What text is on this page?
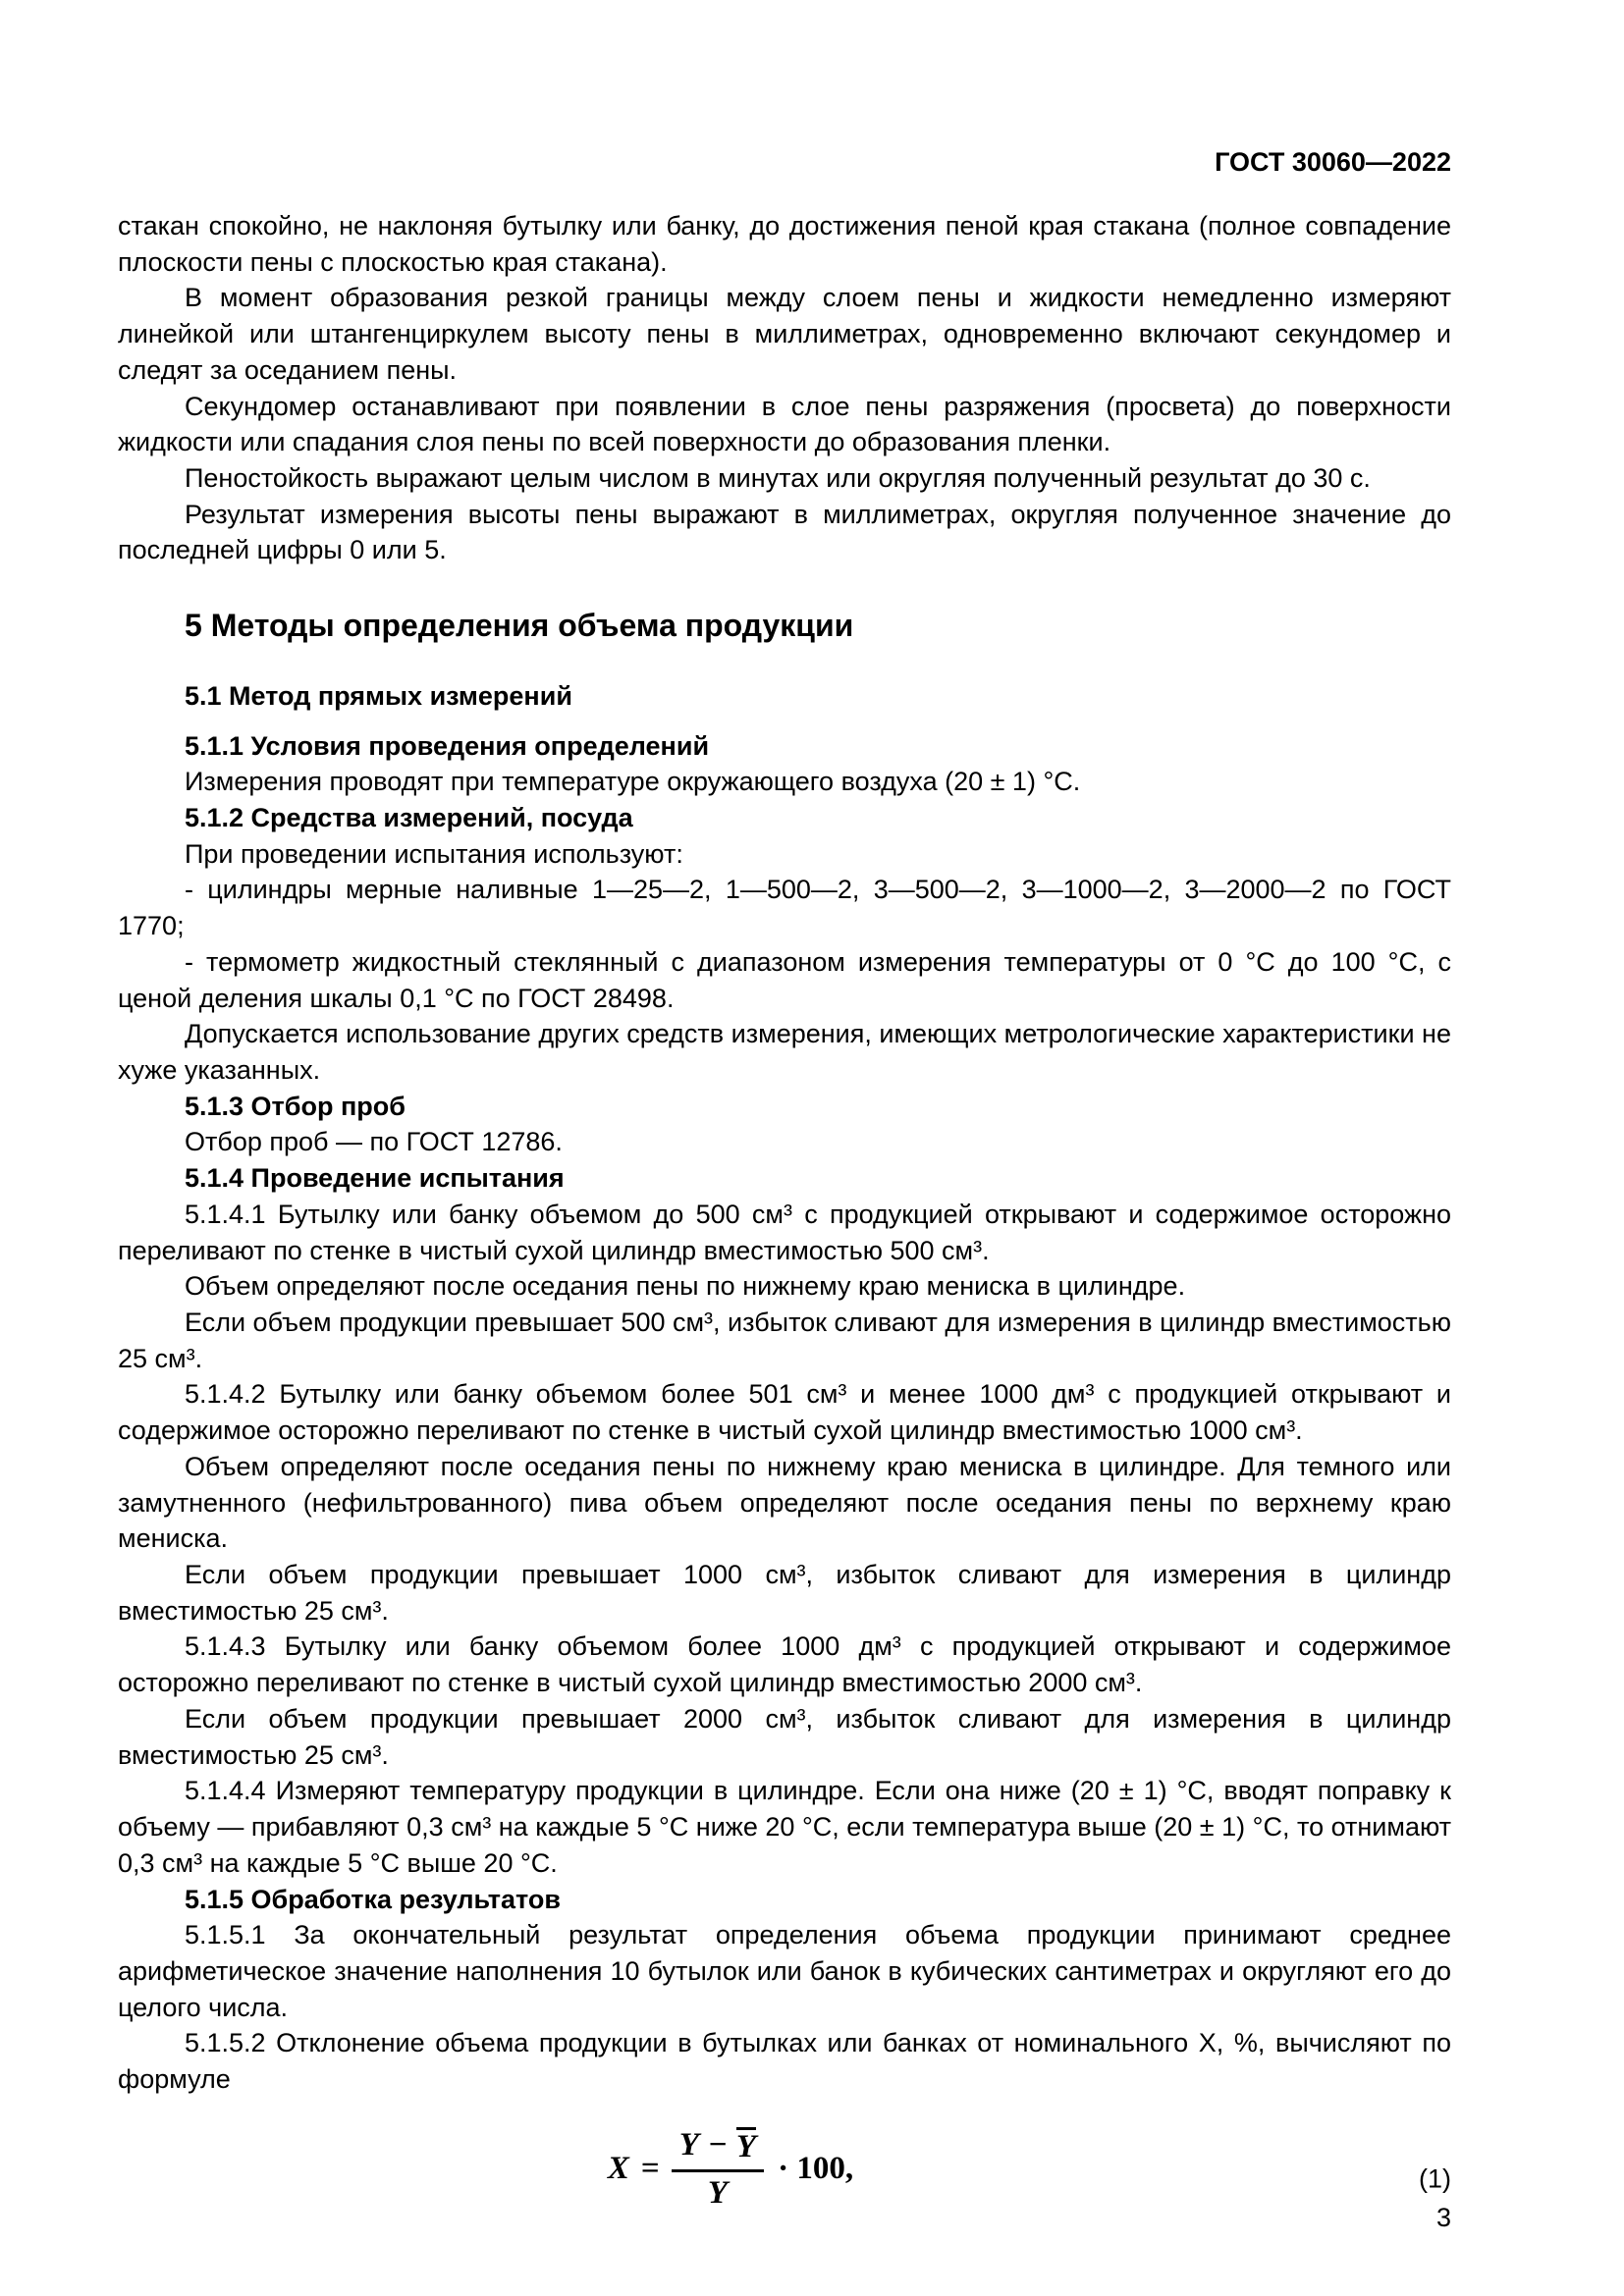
ГОСТ 30060—2022

стакан спокойно, не наклоняя бутылку или банку, до достижения пеной края стакана (полное совпадение плоскости пены с плоскостью края стакана).

В момент образования резкой границы между слоем пены и жидкости немедленно измеряют линейкой или штангенциркулем высоту пены в миллиметрах, одновременно включают секундомер и следят за оседанием пены.

Секундомер останавливают при появлении в слое пены разряжения (просвета) до поверхности жидкости или спадания слоя пены по всей поверхности до образования пленки.

Пеностойкость выражают целым числом в минутах или округляя полученный результат до 30 с.

Результат измерения высоты пены выражают в миллиметрах, округляя полученное значение до последней цифры 0 или 5.

5 Методы определения объема продукции
5.1 Метод прямых измерений
5.1.1 Условия проведения определений

Измерения проводят при температуре окружающего воздуха (20 ± 1) °С.

5.1.2 Средства измерений, посуда

При проведении испытания используют:

- цилиндры мерные наливные 1—25—2, 1—500—2, 3—500—2, 3—1000—2, 3—2000—2 по ГОСТ 1770;

- термометр жидкостный стеклянный с диапазоном измерения температуры от 0 °С до 100 °С, с ценой деления шкалы 0,1 °С по ГОСТ 28498.

Допускается использование других средств измерения, имеющих метрологические характеристики не хуже указанных.

5.1.3 Отбор проб

Отбор проб — по ГОСТ 12786.

5.1.4 Проведение испытания

5.1.4.1 Бутылку или банку объемом до 500 см³ с продукцией открывают и содержимое осторожно переливают по стенке в чистый сухой цилиндр вместимостью 500 см³.

Объем определяют после оседания пены по нижнему краю мениска в цилиндре.

Если объем продукции превышает 500 см³, избыток сливают для измерения в цилиндр вместимостью 25 см³.

5.1.4.2 Бутылку или банку объемом более 501 см³ и менее 1000 дм³ с продукцией открывают и содержимое осторожно переливают по стенке в чистый сухой цилиндр вместимостью 1000 см³.

Объем определяют после оседания пены по нижнему краю мениска в цилиндре. Для темного или замутненного (нефильтрованного) пива объем определяют после оседания пены по верхнему краю мениска.

Если объем продукции превышает 1000 см³, избыток сливают для измерения в цилиндр вместимостью 25 см³.

5.1.4.3 Бутылку или банку объемом более 1000 дм³ с продукцией открывают и содержимое осторожно переливают по стенке в чистый сухой цилиндр вместимостью 2000 см³.

Если объем продукции превышает 2000 см³, избыток сливают для измерения в цилиндр вместимостью 25 см³.

5.1.4.4 Измеряют температуру продукции в цилиндре. Если она ниже (20 ± 1) °С, вводят поправку к объему — прибавляют 0,3 см³ на каждые 5 °С ниже 20 °С, если температура выше (20 ± 1) °С, то отнимают 0,3 см³ на каждые 5 °С выше 20 °С.

5.1.5 Обработка результатов

5.1.5.1 За окончательный результат определения объема продукции принимают среднее арифметическое значение наполнения 10 бутылок или банок в кубических сантиметрах и округляют его до целого числа.

5.1.5.2 Отклонение объема продукции в бутылках или банках от номинального X, %, вычисляют по формуле

$X = \frac{Y - Y}{Y} \cdot 100$,	(1)
3
